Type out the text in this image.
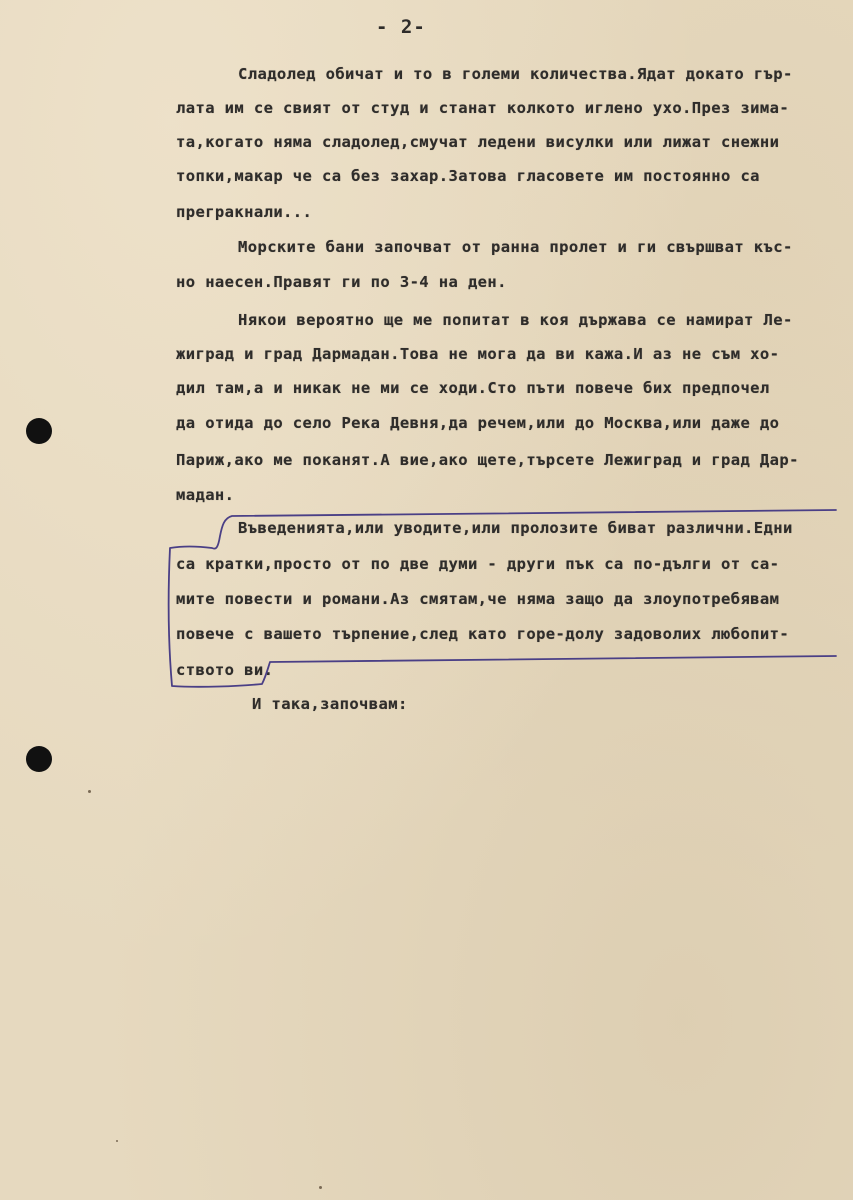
- 2-

Сладолед обичат и то в големи количества.Ядат докато гър-

лата им се свият от студ и станат колкото иглено ухо.През зима-

та,когато няма сладолед,смучат ледени висулки или лижат снежни

топки,макар че са без захар.Затова гласовете им постоянно са

прегракнали...

Морските бани започват от ранна пролет и ги свършват къс-

но наесен.Правят ги по 3-4 на ден.

Някои вероятно ще ме попитат в коя държава се намират Ле-

жиград и град Дармадан.Това не мога да ви кажа.И аз не съм хо-

дил там,а и никак не ми се ходи.Сто пъти повече бих предпочел

да отида до село Река Девня,да речем,или до Москва,или даже до

Париж,ако ме поканят.А вие,ако щете,търсете Лежиград и град Дар-

мадан.

Въведенията,или уводите,или пролозите биват различни.Едни

са кратки,просто от по две думи - други пък са по-дълги от са-

мите повести и романи.Аз смятам,че няма защо да злоупотребявам

повече с вашето търпение,след като горе-долу задоволих любопит-

ството ви.

И така,започвам:
